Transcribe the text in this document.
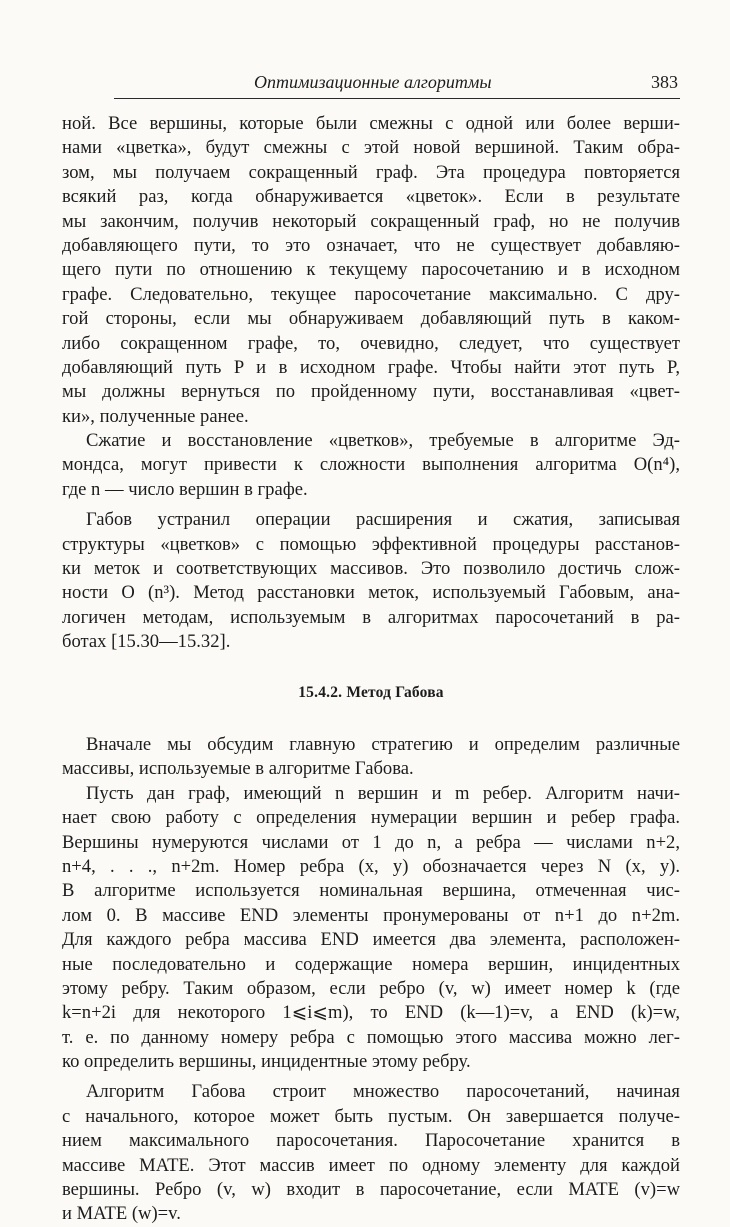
Оптимизационные алгоритмы	383
ной. Все вершины, которые были смежны с одной или более верши-
нами «цветка», будут смежны с этой новой вершиной. Таким обра-
зом, мы получаем сокращенный граф. Эта процедура повторяется
всякий раз, когда обнаруживается «цветок». Если в результате
мы закончим, получив некоторый сокращенный граф, но не получив
добавляющего пути, то это означает, что не существует добавляю-
щего пути по отношению к текущему паросочетанию и в исходном
графе. Следовательно, текущее паросочетание максимально. С дру-
гой стороны, если мы обнаруживаем добавляющий путь в каком-
либо сокращенном графе, то, очевидно, следует, что существует
добавляющий путь P и в исходном графе. Чтобы найти этот путь P,
мы должны вернуться по пройденному пути, восстанавливая «цвет-
ки», полученные ранее.
Сжатие и восстановление «цветков», требуемые в алгоритме Эд-
мондса, могут привести к сложности выполнения алгоритма O(n⁴),
где n — число вершин в графе.
Габов устранил операции расширения и сжатия, записывая
структуры «цветков» с помощью эффективной процедуры расстанов-
ки меток и соответствующих массивов. Это позволило достичь слож-
ности O (n³). Метод расстановки меток, используемый Габовым, ана-
логичен методам, используемым в алгоритмах паросочетаний в ра-
ботах [15.30—15.32].
15.4.2. Метод Габова
Вначале мы обсудим главную стратегию и определим различные
массивы, используемые в алгоритме Габова.
Пусть дан граф, имеющий n вершин и m ребер. Алгоритм начи-
нает свою работу с определения нумерации вершин и ребер графа.
Вершины нумеруются числами от 1 до n, а ребра — числами n+2,
n+4, . . ., n+2m. Номер ребра (x, y) обозначается через N (x, y).
В алгоритме используется номинальная вершина, отмеченная чис-
лом 0. В массиве END элементы пронумерованы от n+1 до n+2m.
Для каждого ребра массива END имеется два элемента, расположен-
ные последовательно и содержащие номера вершин, инцидентных
этому ребру. Таким образом, если ребро (v, w) имеет номер k (где
k=n+2i для некоторого 1⩽i⩽m), то END (k—1)=v, а END (k)=w,
т. е. по данному номеру ребра с помощью этого массива можно лег-
ко определить вершины, инцидентные этому ребру.
Алгоритм Габова строит множество паросочетаний, начиная
с начального, которое может быть пустым. Он завершается получе-
нием максимального паросочетания. Паросочетание хранится в
массиве MATE. Этот массив имеет по одному элементу для каждой
вершины. Ребро (v, w) входит в паросочетание, если MATE (v)=w
и MATE (w)=v.
